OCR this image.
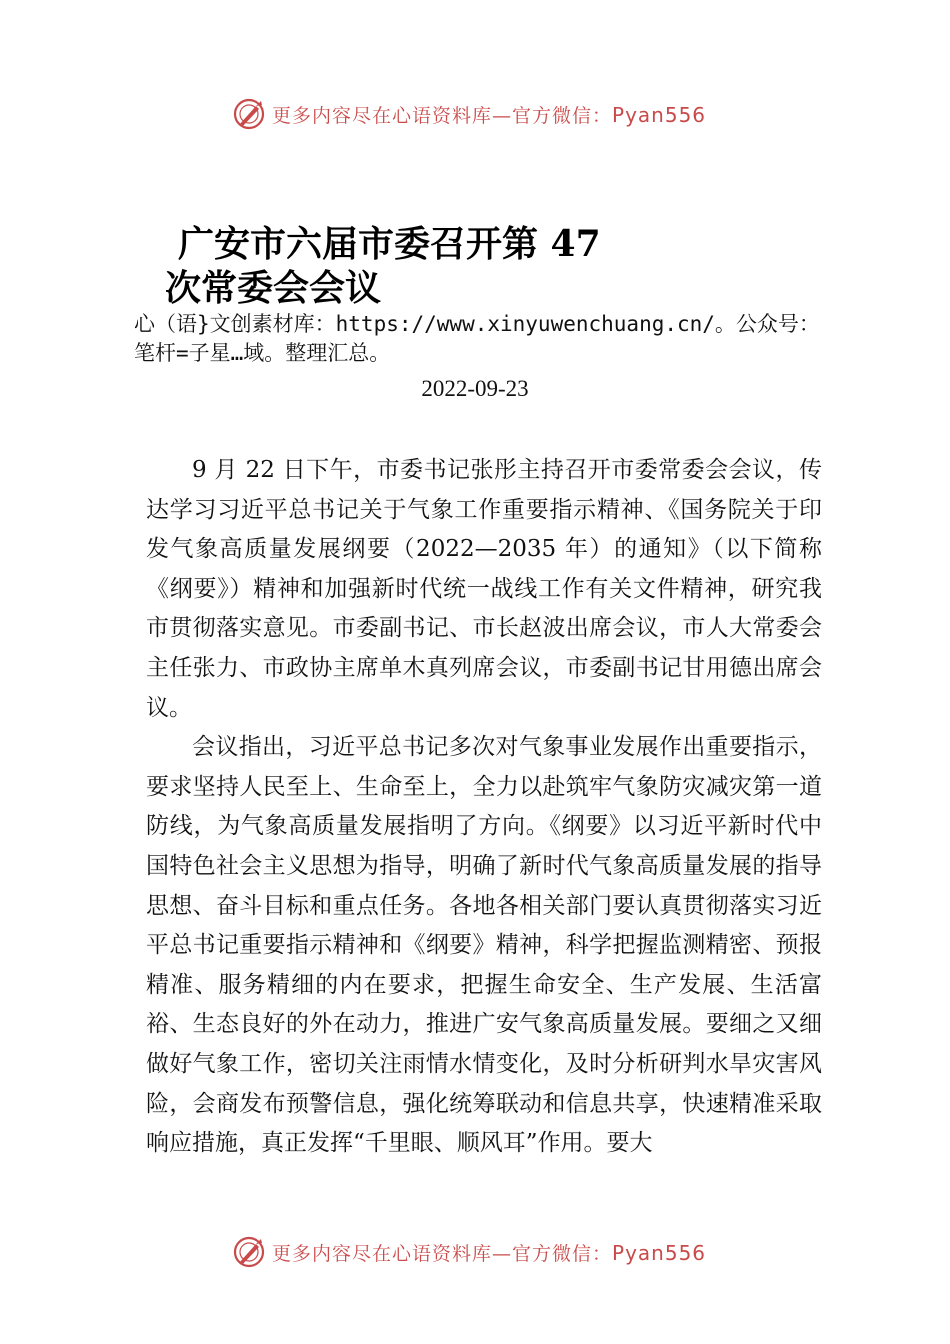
更多内容尽在心语资料库—官方微信：Pyan556
广安市六届市委召开第 47
次常委会会议
心（语}文创素材库：https://www.xinyuwenchuang.cn/。公众号：笔杆=子星…域。整理汇总。
2022-09-23

9 月 22 日下午，市委书记张彤主持召开市委常委会会议，传达学习习近平总书记关于气象工作重要指示精神、《国务院关于印发气象高质量发展纲要（2022—2035 年）的通知》（以下简称《纲要》）精神和加强新时代统一战线工作有关文件精神，研究我市贯彻落实意见。市委副书记、市长赵波出席会议，市人大常委会主任张力、市政协主席单木真列席会议，市委副书记甘用德出席会议。

会议指出，习近平总书记多次对气象事业发展作出重要指示，要求坚持人民至上、生命至上，全力以赴筑牢气象防灾减灾第一道防线，为气象高质量发展指明了方向。《纲要》以习近平新时代中国特色社会主义思想为指导，明确了新时代气象高质量发展的指导思想、奋斗目标和重点任务。各地各相关部门要认真贯彻落实习近平总书记重要指示精神和《纲要》精神，科学把握监测精密、预报精准、服务精细的内在要求，把握生命安全、生产发展、生活富裕、生态良好的外在动力，推进广安气象高质量发展。要细之又细做好气象工作，密切关注雨情水情变化，及时分析研判水旱灾害风险，会商发布预警信息，强化统筹联动和信息共享，快速精准采取响应措施，真正发挥“千里眼、顺风耳”作用。要大

更多内容尽在心语资料库—官方微信：Pyan556
